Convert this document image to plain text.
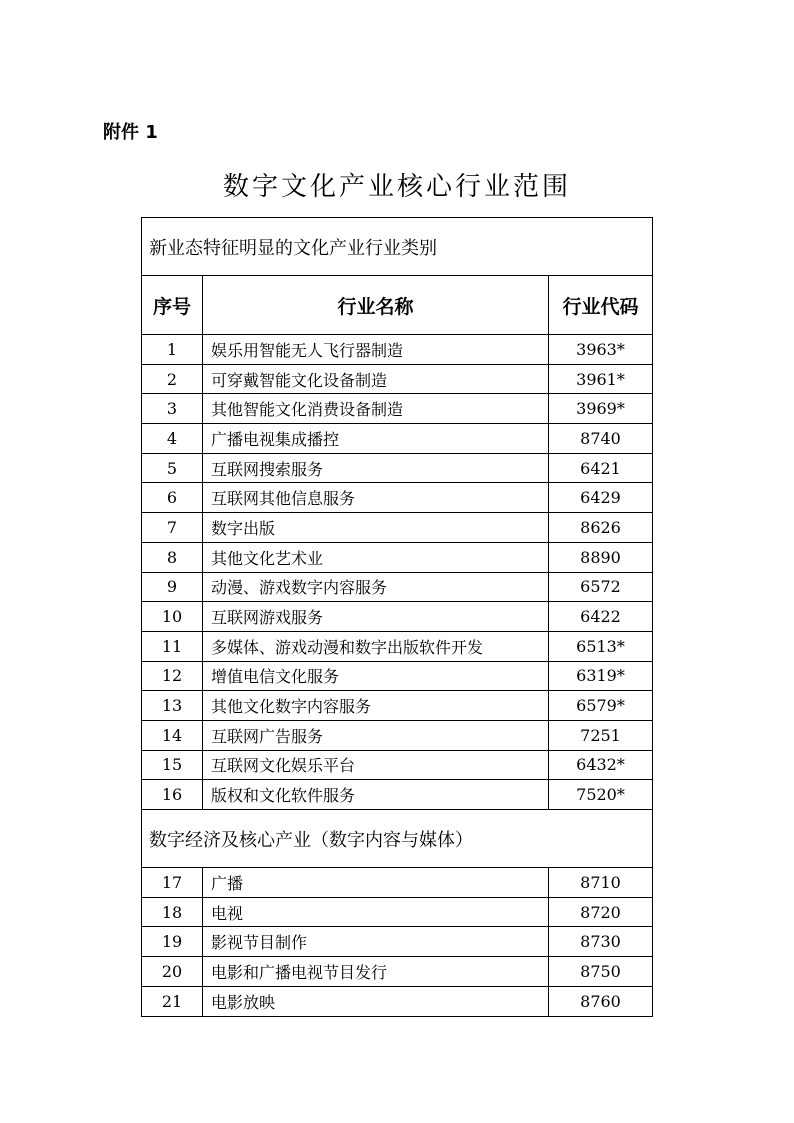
附件 1
数字文化产业核心行业范围
新业态特征明显的文化产业行业类别
序号	行业名称	行业代码
1	娱乐用智能无人飞行器制造	3963*
2	可穿戴智能文化设备制造	3961*
3	其他智能文化消费设备制造	3969*
4	广播电视集成播控	8740
5	互联网搜索服务	6421
6	互联网其他信息服务	6429
7	数字出版	8626
8	其他文化艺术业	8890
9	动漫、游戏数字内容服务	6572
10	互联网游戏服务	6422
11	多媒体、游戏动漫和数字出版软件开发	6513*
12	增值电信文化服务	6319*
13	其他文化数字内容服务	6579*
14	互联网广告服务	7251
15	互联网文化娱乐平台	6432*
16	版权和文化软件服务	7520*
数字经济及核心产业（数字内容与媒体）
17	广播	8710
18	电视	8720
19	影视节目制作	8730
20	电影和广播电视节目发行	8750
21	电影放映	8760
